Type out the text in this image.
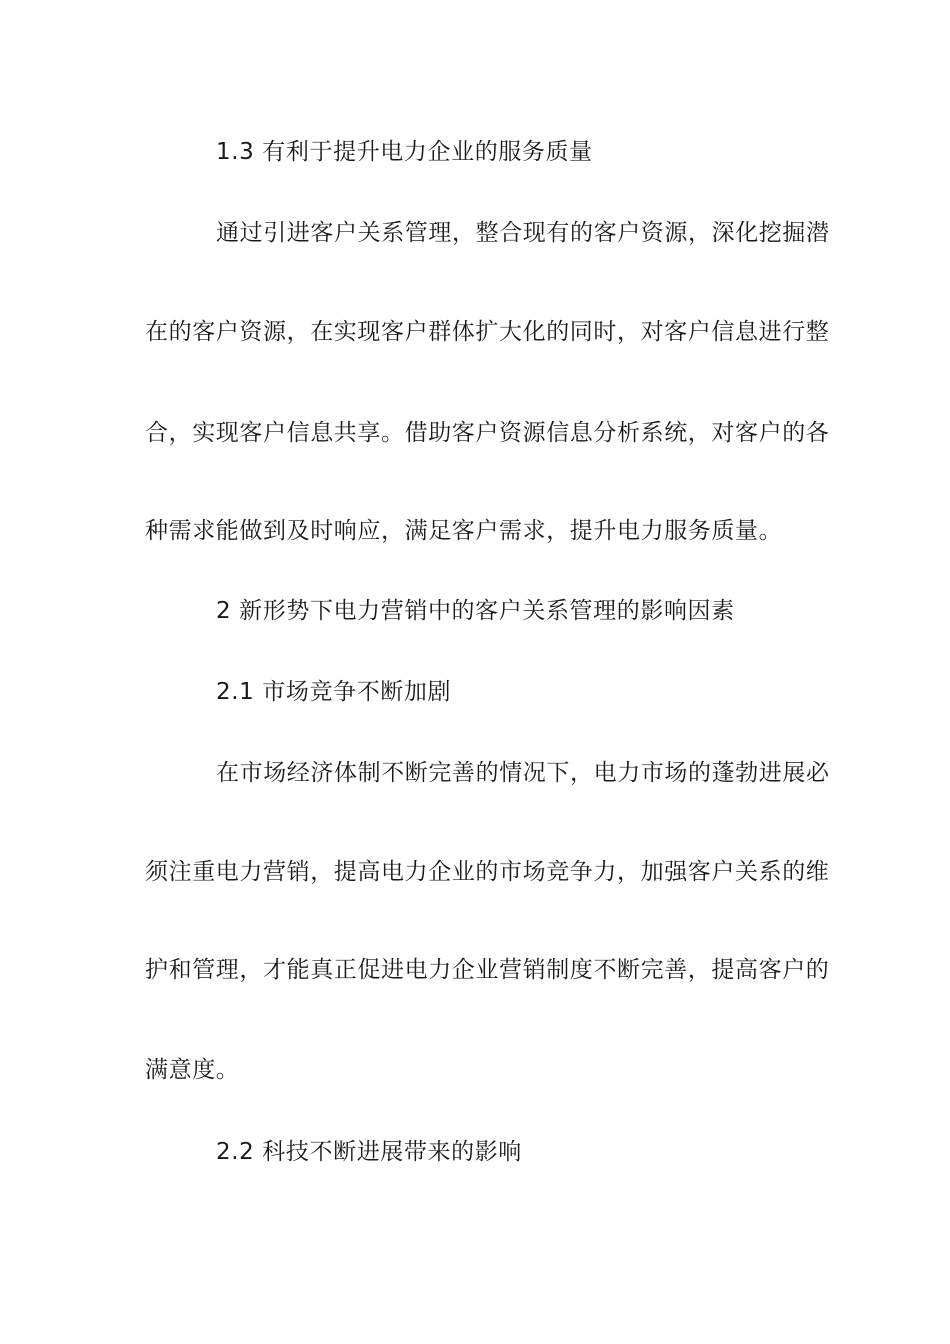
1.3 有利于提升电力企业的服务质量
通过引进客户关系管理，整合现有的客户资源，深化挖掘潜
在的客户资源，在实现客户群体扩大化的同时，对客户信息进行整
合，实现客户信息共享。借助客户资源信息分析系统，对客户的各
种需求能做到及时响应，满足客户需求，提升电力服务质量。
2 新形势下电力营销中的客户关系管理的影响因素
2.1 市场竞争不断加剧
在市场经济体制不断完善的情况下，电力市场的蓬勃进展必
须注重电力营销，提高电力企业的市场竞争力，加强客户关系的维
护和管理，才能真正促进电力企业营销制度不断完善，提高客户的
满意度。
2.2 科技不断进展带来的影响
